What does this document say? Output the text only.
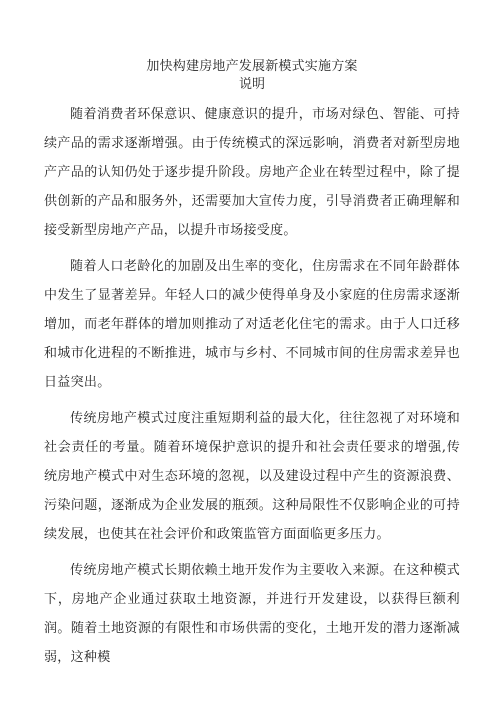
加快构建房地产发展新模式实施方案
说明

随着消费者环保意识、健康意识的提升，市场对绿色、智能、可持续产品的需求逐渐增强。由于传统模式的深远影响，消费者对新型房地产产品的认知仍处于逐步提升阶段。房地产企业在转型过程中，除了提供创新的产品和服务外，还需要加大宣传力度，引导消费者正确理解和接受新型房地产产品，以提升市场接受度。

随着人口老龄化的加剧及出生率的变化，住房需求在不同年龄群体中发生了显著差异。年轻人口的减少使得单身及小家庭的住房需求逐渐增加，而老年群体的增加则推动了对适老化住宅的需求。由于人口迁移和城市化进程的不断推进，城市与乡村、不同城市间的住房需求差异也日益突出。

传统房地产模式过度注重短期利益的最大化，往往忽视了对环境和社会责任的考量。随着环境保护意识的提升和社会责任要求的增强,传统房地产模式中对生态环境的忽视，以及建设过程中产生的资源浪费、污染问题，逐渐成为企业发展的瓶颈。这种局限性不仅影响企业的可持续发展，也使其在社会评价和政策监管方面面临更多压力。

传统房地产模式长期依赖土地开发作为主要收入来源。在这种模式下，房地产企业通过获取土地资源，并进行开发建设，以获得巨额利润。随着土地资源的有限性和市场供需的变化，土地开发的潜力逐渐减弱，这种模
